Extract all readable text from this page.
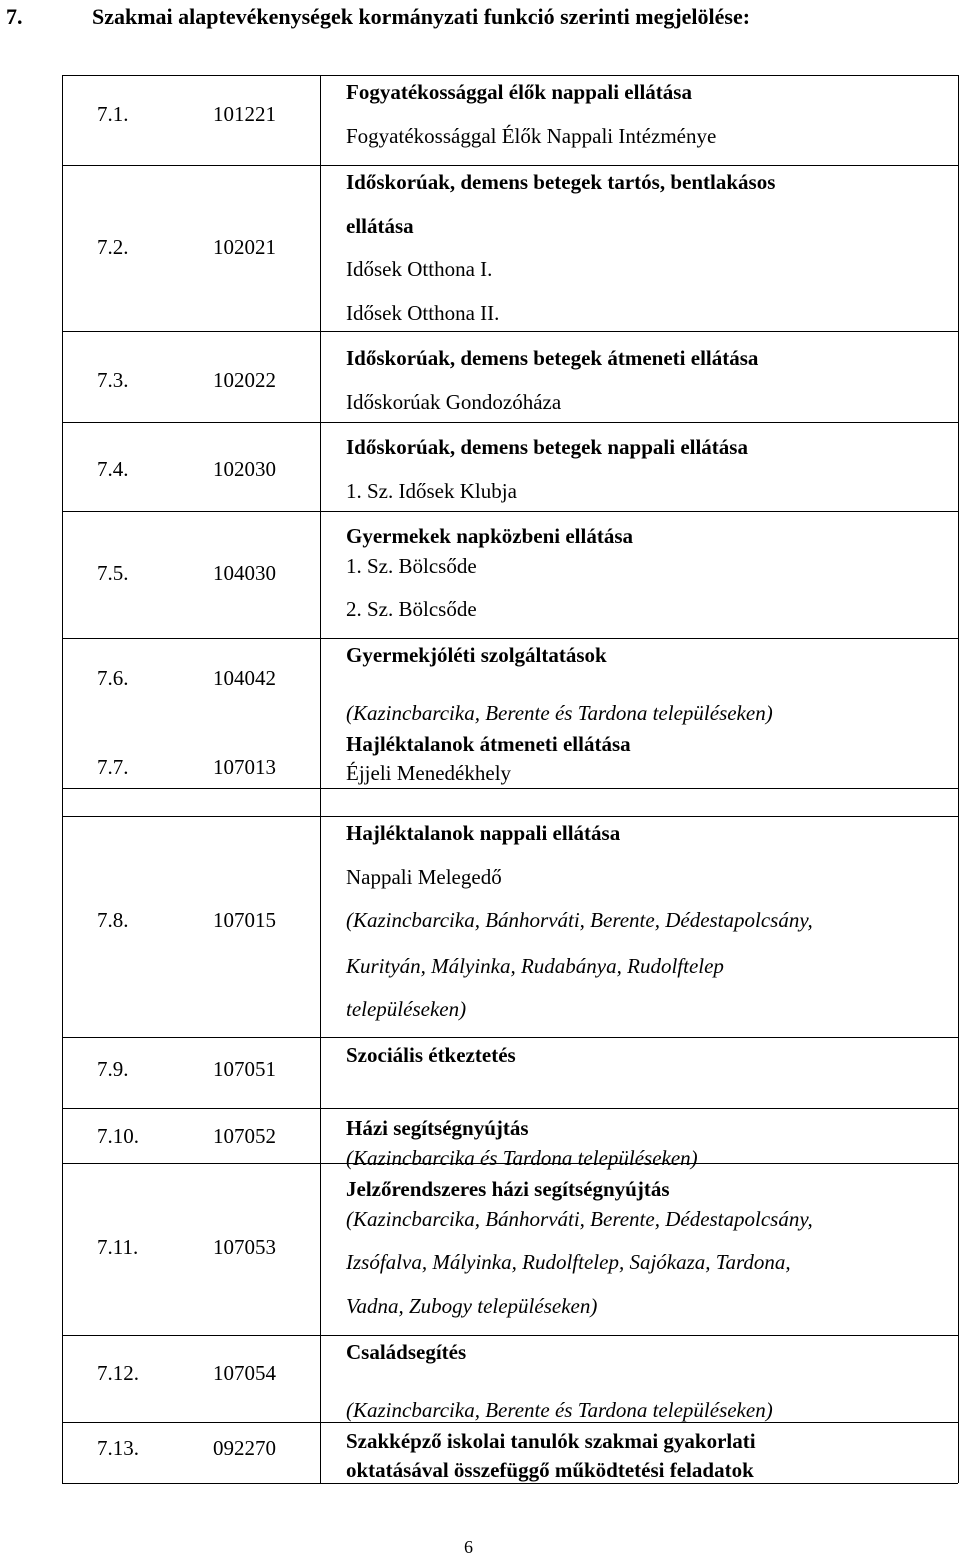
7.	Szakmai alaptevékenységek kormányzati funkció szerinti megjelölése:
7.1.	101221
Fogyatékossággal élők nappali ellátása
Fogyatékossággal Élők Nappali Intézménye
7.2.	102021
Időskorúak, demens betegek tartós, bentlakásos
ellátása
Idősek Otthona I.
Idősek Otthona II.
7.3.	102022
Időskorúak, demens betegek átmeneti ellátása
Időskorúak Gondozóháza
7.4.	102030
Időskorúak, demens betegek nappali ellátása
1. Sz. Idősek Klubja
7.5.	104030
Gyermekek napközbeni ellátása
1. Sz. Bölcsőde
2. Sz. Bölcsőde
7.6.	104042
Gyermekjóléti szolgáltatások
(Kazincbarcika, Berente és Tardona településeken)
7.7.	107013
Hajléktalanok átmeneti ellátása
Éjjeli Menedékhely
7.8.	107015
Hajléktalanok nappali ellátása
Nappali Melegedő
(Kazincbarcika, Bánhorváti, Berente, Dédestapolcsány,
Kurityán, Mályinka, Rudabánya, Rudolftelep
településeken)
7.9.	107051
Szociális étkeztetés
7.10.	107052	Házi segítségnyújtás
(Kazincbarcika és Tardona településeken)
7.11.	107053
Jelzőrendszeres házi segítségnyújtás
(Kazincbarcika, Bánhorváti, Berente, Dédestapolcsány,
Izsófalva, Mályinka, Rudolftelep, Sajókaza, Tardona,
Vadna, Zubogy településeken)
7.12.	107054
Családsegítés
(Kazincbarcika, Berente és Tardona településeken)
7.13.	092270	Szakképző iskolai tanulók szakmai gyakorlati
oktatásával összefüggő működtetési feladatok
6
